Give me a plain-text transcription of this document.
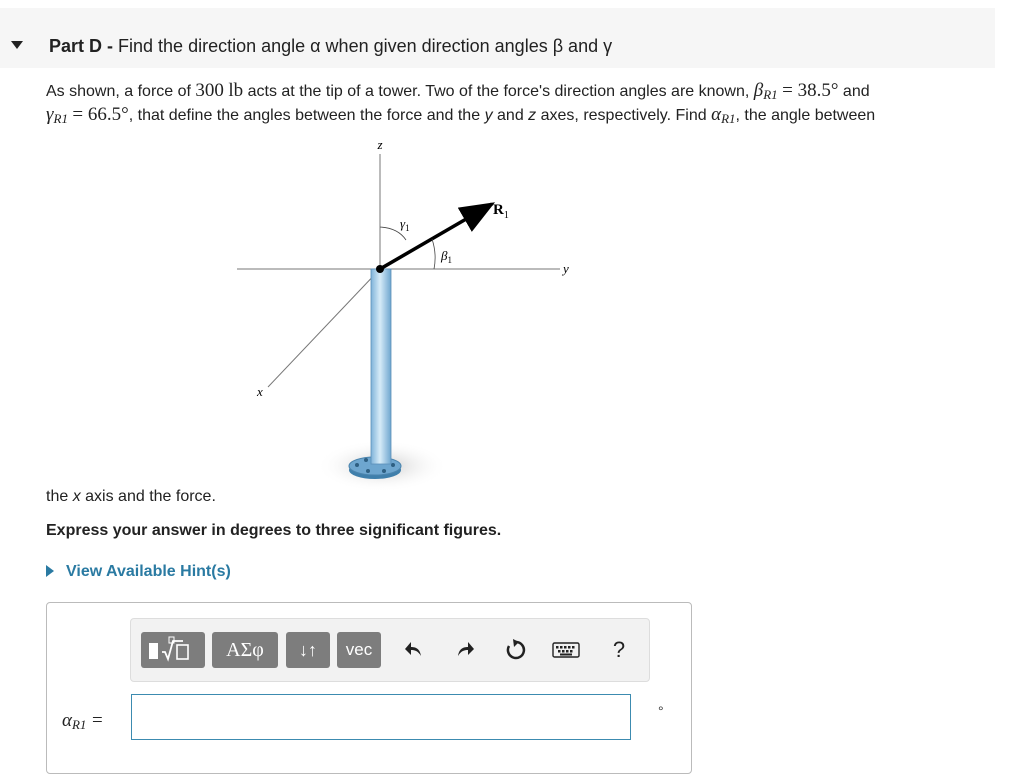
Part D - Find the direction angle α when given direction angles β and γ
As shown, a force of 300 lb acts at the tip of a tower. Two of the force's direction angles are known, $\beta_{R1} = 38.5^\circ$ and
$\gamma_{R1} = 66.5^\circ$, that define the angles between the force and the y and z axes, respectively. Find $\alpha_{R1}$, the angle between
z
y
x
$R_1$
$\gamma_1$
$\beta_1$
the x axis and the force.
Express your answer in degrees to three significant figures.
View Available Hint(s)
ΑΣφ	↓↑	vec	?
$\alpha_{R1}$ =	°
